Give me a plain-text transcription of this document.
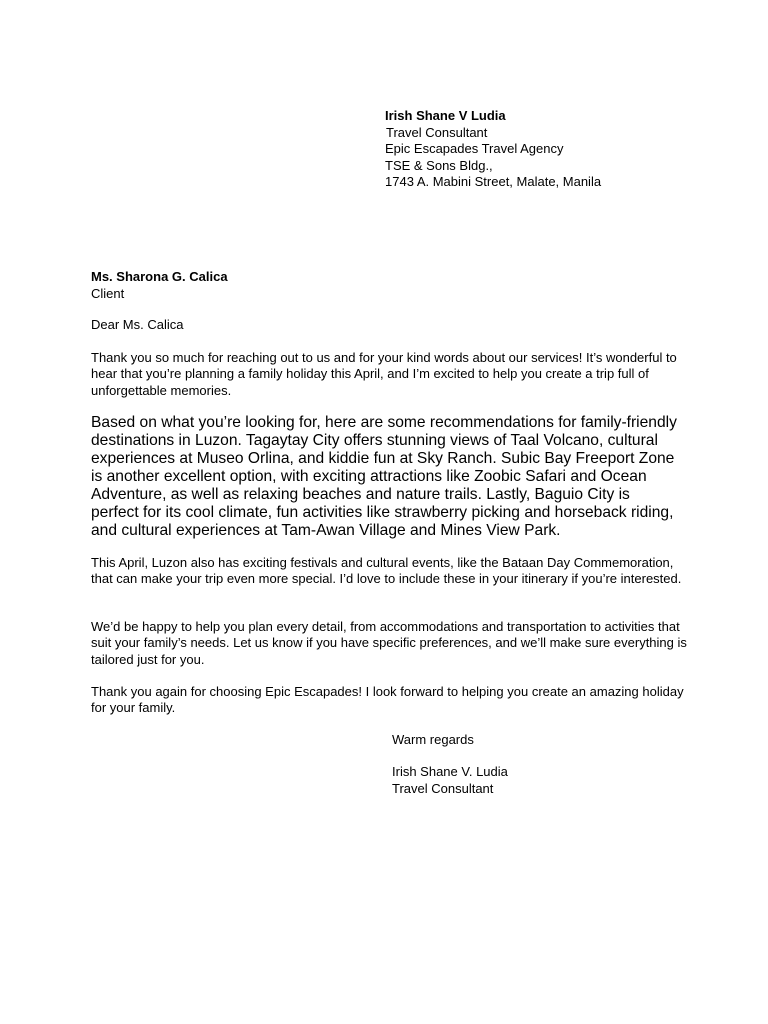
Irish Shane V Ludia
Travel Consultant
Epic Escapades Travel Agency
TSE & Sons Bldg.,
1743 A. Mabini Street, Malate, Manila
Ms. Sharona G. Calica
Client
Dear Ms. Calica

Thank you so much for reaching out to us and for your kind words about our services! It’s wonderful to hear that you’re planning a family holiday this April, and I’m excited to help you create a trip full of unforgettable memories.

Based on what you’re looking for, here are some recommendations for family-friendly destinations in Luzon. Tagaytay City offers stunning views of Taal Volcano, cultural experiences at Museo Orlina, and kiddie fun at Sky Ranch. Subic Bay Freeport Zone is another excellent option, with exciting attractions like Zoobic Safari and Ocean Adventure, as well as relaxing beaches and nature trails. Lastly, Baguio City is perfect for its cool climate, fun activities like strawberry picking and horseback riding, and cultural experiences at Tam-Awan Village and Mines View Park.

This April, Luzon also has exciting festivals and cultural events, like the Bataan Day Commemoration, that can make your trip even more special. I’d love to include these in your itinerary if you’re interested.

We’d be happy to help you plan every detail, from accommodations and transportation to activities that suit your family’s needs. Let us know if you have specific preferences, and we’ll make sure everything is tailored just for you.

Thank you again for choosing Epic Escapades! I look forward to helping you create an amazing holiday for your family.

Warm regards
Irish Shane V. Ludia
Travel Consultant
